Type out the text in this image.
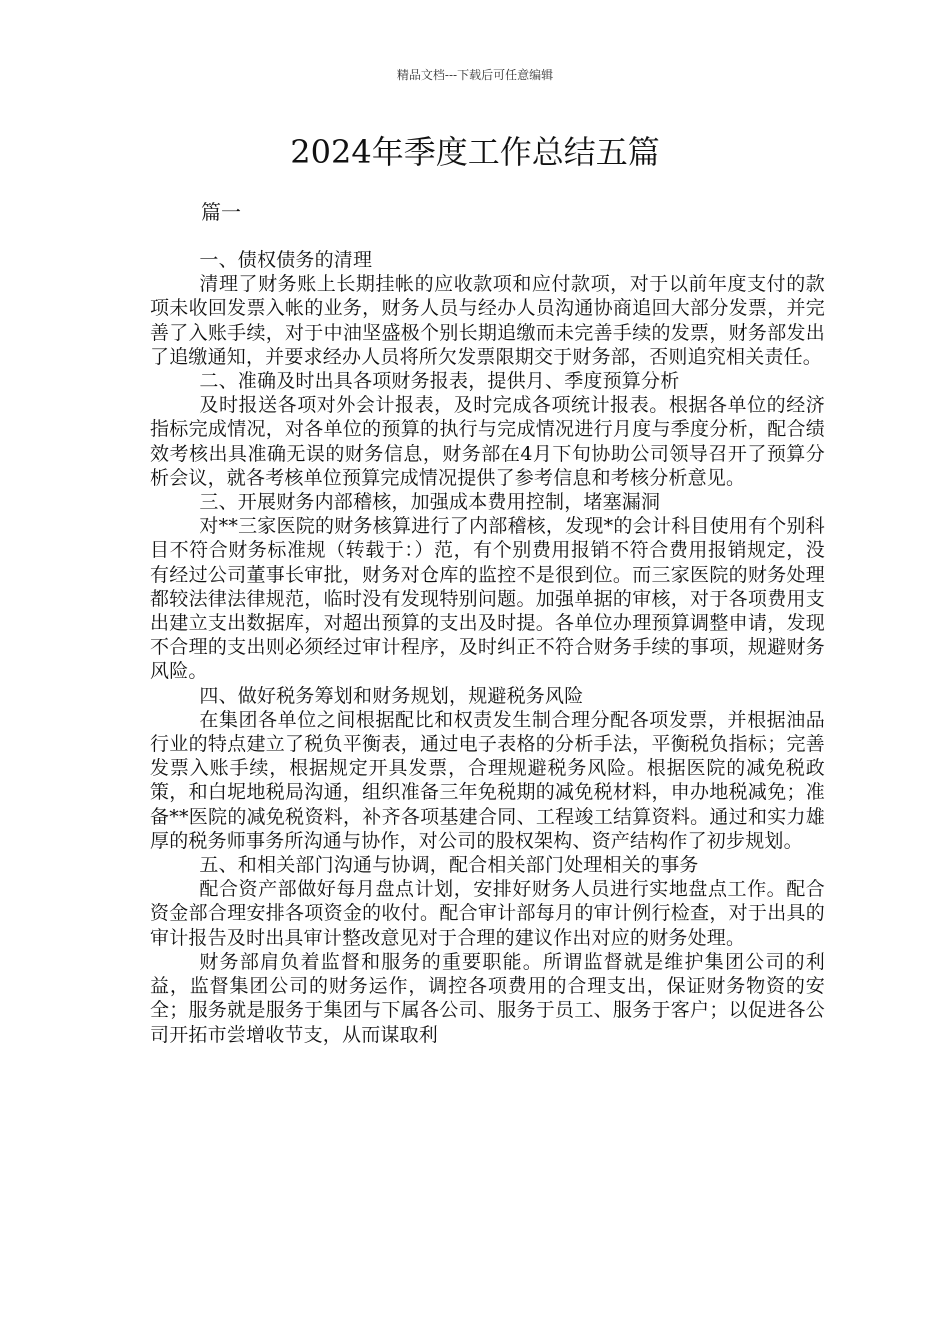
精品文档---下载后可任意编辑
2024年季度工作总结五篇
篇一

一、债权债务的清理

清理了财务账上长期挂帐的应收款项和应付款项，对于以前年度支付的款项未收回发票入帐的业务，财务人员与经办人员沟通协商追回大部分发票，并完善了入账手续，对于中油坚盛极个别长期追缴而未完善手续的发票，财务部发出了追缴通知，并要求经办人员将所欠发票限期交于财务部，否则追究相关责任。

二、准确及时出具各项财务报表，提供月、季度预算分析

及时报送各项对外会计报表，及时完成各项统计报表。根据各单位的经济指标完成情况，对各单位的预算的执行与完成情况进行月度与季度分析，配合绩效考核出具准确无误的财务信息，财务部在4月下旬协助公司领导召开了预算分析会议，就各考核单位预算完成情况提供了参考信息和考核分析意见。

三、开展财务内部稽核，加强成本费用控制，堵塞漏洞

对**三家医院的财务核算进行了内部稽核，发现*的会计科目使用有个别科目不符合财务标准规（转载于：）范，有个别费用报销不符合费用报销规定，没有经过公司董事长审批，财务对仓库的监控不是很到位。而三家医院的财务处理都较法律法律规范，临时没有发现特别问题。加强单据的审核，对于各项费用支出建立支出数据库，对超出预算的支出及时提。各单位办理预算调整申请，发现不合理的支出则必须经过审计程序，及时纠正不符合财务手续的事项，规避财务风险。

四、做好税务筹划和财务规划，规避税务风险

在集团各单位之间根据配比和权责发生制合理分配各项发票，并根据油品行业的特点建立了税负平衡表，通过电子表格的分析手法，平衡税负指标；完善发票入账手续，根据规定开具发票，合理规避税务风险。根据医院的减免税政策，和白坭地税局沟通，组织准备三年免税期的减免税材料，申办地税减免；准备**医院的减免税资料，补齐各项基建合同、工程竣工结算资料。通过和实力雄厚的税务师事务所沟通与协作，对公司的股权架构、资产结构作了初步规划。

五、和相关部门沟通与协调，配合相关部门处理相关的事务

配合资产部做好每月盘点计划，安排好财务人员进行实地盘点工作。配合资金部合理安排各项资金的收付。配合审计部每月的审计例行检查，对于出具的审计报告及时出具审计整改意见对于合理的建议作出对应的财务处理。

财务部肩负着监督和服务的重要职能。所谓监督就是维护集团公司的利益，监督集团公司的财务运作，调控各项费用的合理支出，保证财务物资的安全；服务就是服务于集团与下属各公司、服务于员工、服务于客户；以促进各公司开拓市尝增收节支，从而谋取利
